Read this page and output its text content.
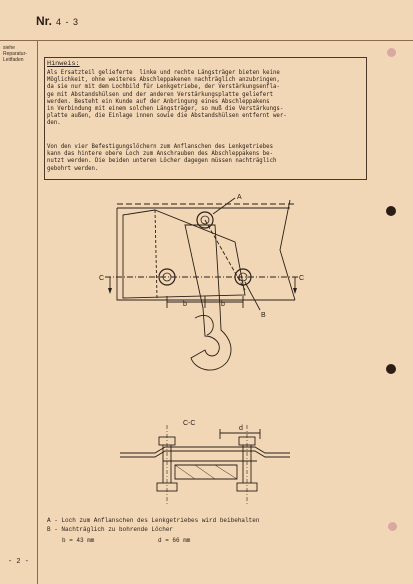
Nr. 4 - 3
siehe
Reparatur-
Leitfaden	Hinweis:
Als Ersatzteil gelieferte  linke und rechte Längsträger bieten keine
Möglichkeit, ohne weiteres Abschleppakenen nachträglich anzubringen,
da sie nur mit dem Lochbild für Lenkgetriebe, der Verstärkungsenfla-
ge mit Abstandshülsen und der anderen Verstärkungsplatte geliefert
werden. Besteht ein Kunde auf der Anbringung eines Abschleppakens
in Verbindung mit einem solchen Längsträger, so muß die Verstärkungs-
platte außen, die Einlage innen sowie die Abstandshülsen entfernt wer-
den.
Von den vier Befestigungslöchern zum Anflanschen des Lenkgetriebes
kann das hintere obere Loch zum Anschrauben des Abschleppakens be-
nutzt werden. Die beiden unteren Löcher dagegen müssen nachträglich
gebohrt werden.
A
B
C	C
b	b
C-C
d
A - Loch zum Anflanschen des Lenkgetriebes wird beibehalten
B - Nachträglich zu bohrende Löcher
b = 43 mm	d = 66 mm
- 2 -
